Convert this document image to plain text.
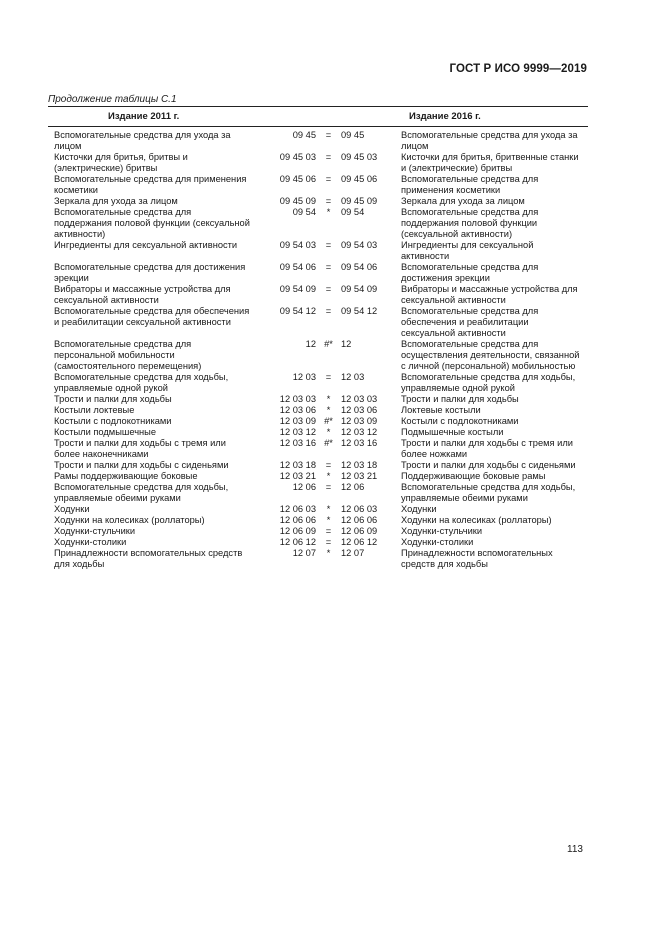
ГОСТ Р ИСО 9999—2019
Продолжение таблицы С.1
Издание 2011 г.				Издание 2016 г.
Вспомогательные средства для ухода за лицом	09 45	=	09 45	Вспомогательные средства для ухода за лицом
Кисточки для бритья, бритвы и (электрические) бритвы	09 45 03	=	09 45 03	Кисточки для бритья, бритвенные станки и (электрические) бритвы
Вспомогательные средства для применения косметики	09 45 06	=	09 45 06	Вспомогательные средства для применения косметики
Зеркала для ухода за лицом	09 45 09	=	09 45 09	Зеркала для ухода за лицом
Вспомогательные средства для поддержания половой функции (сексуальной активности)	09 54	*	09 54	Вспомогательные средства для поддержания половой функции (сексуальной активности)
Ингредиенты для сексуальной активности	09 54 03	=	09 54 03	Ингредиенты для сексуальной активности
Вспомогательные средства для достижения эрекции	09 54 06	=	09 54 06	Вспомогательные средства для достижения эрекции
Вибраторы и массажные устройства для сексуальной активности	09 54 09	=	09 54 09	Вибраторы и массажные устройства для сексуальной активности
Вспомогательные средства для обеспечения и реабилитации сексуальной активности	09 54 12	=	09 54 12	Вспомогательные средства для обеспечения и реабилитации сексуальной активности
Вспомогательные средства для персональной мобильности (самостоятельного перемещения)	12	#*	12	Вспомогательные средства для осуществления деятельности, связанной с личной (персональной) мобильностью
Вспомогательные средства для ходьбы, управляемые одной рукой	12 03	=	12 03	Вспомогательные средства для ходьбы, управляемые одной рукой
Трости и палки для ходьбы	12 03 03	*	12 03 03	Трости и палки для ходьбы
Костыли локтевые	12 03 06	*	12 03 06	Локтевые костыли
Костыли с подлокотниками	12 03 09	#*	12 03 09	Костыли с подлокотниками
Костыли подмышечные	12 03 12	*	12 03 12	Подмышечные костыли
Трости и палки для ходьбы с тремя или более наконечниками	12 03 16	#*	12 03 16	Трости и палки для ходьбы с тремя или более ножками
Трости и палки для ходьбы с сиденьями	12 03 18	=	12 03 18	Трости и палки для ходьбы с сиденьями
Рамы поддерживающие боковые	12 03 21	*	12 03 21	Поддерживающие боковые рамы
Вспомогательные средства для ходьбы, управляемые обеими руками	12 06	=	12 06	Вспомогательные средства для ходьбы, управляемые обеими руками
Ходунки	12 06 03	*	12 06 03	Ходунки
Ходунки на колесиках (роллаторы)	12 06 06	*	12 06 06	Ходунки на колесиках (роллаторы)
Ходунки-стульчики	12 06 09	=	12 06 09	Ходунки-стульчики
Ходунки-столики	12 06 12	=	12 06 12	Ходунки-столики
Принадлежности вспомогательных средств для ходьбы	12 07	*	12 07	Принадлежности вспомогательных средств для ходьбы
113
